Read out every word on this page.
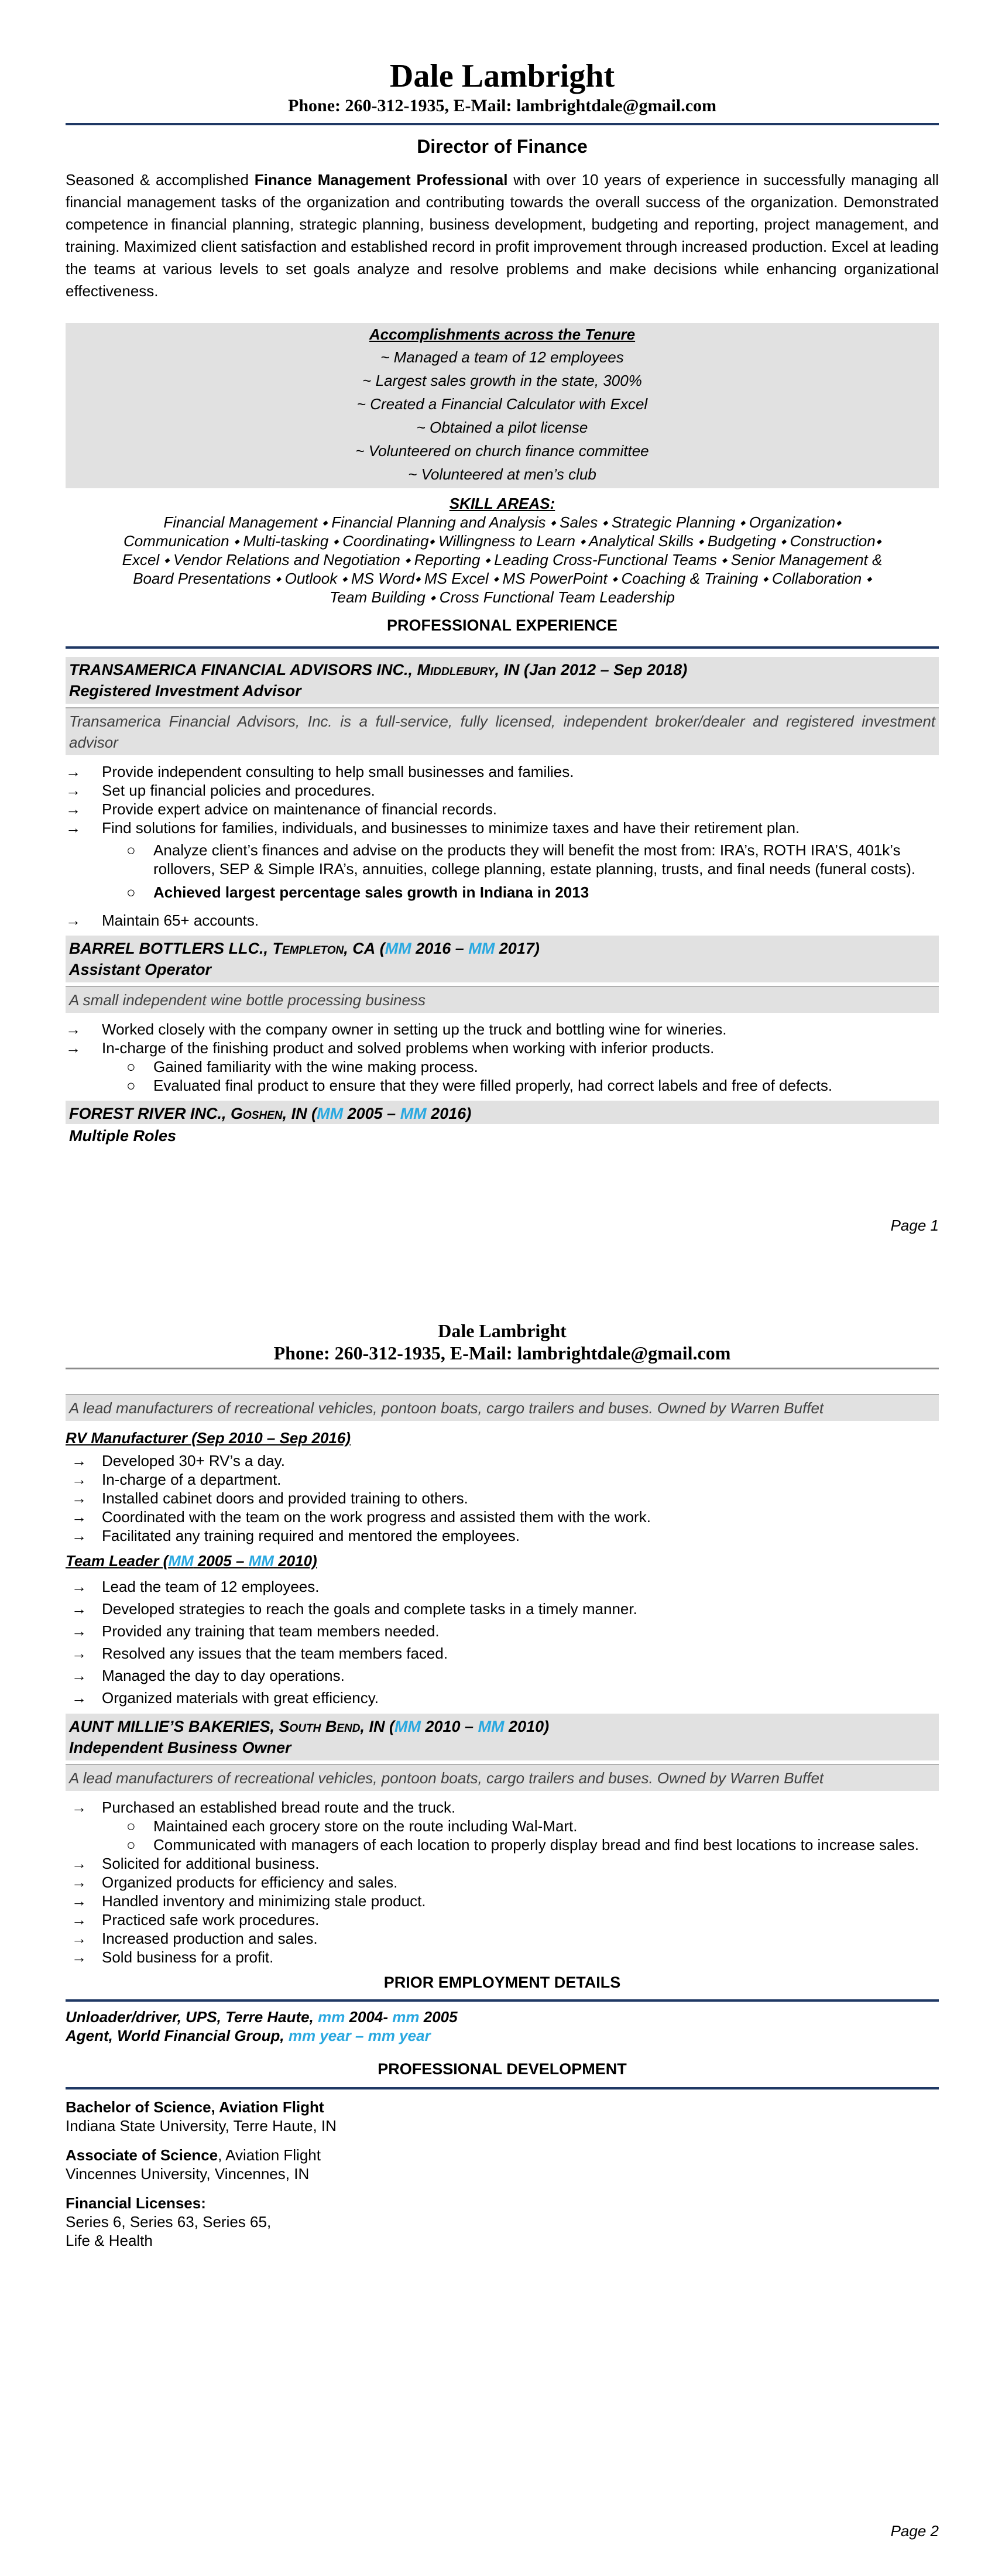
Dale Lambright
Phone: 260-312-1935, E-Mail: lambrightdale@gmail.com
Director of Finance
Seasoned & accomplished Finance Management Professional with over 10 years of experience in successfully managing all financial management tasks of the organization and contributing towards the overall success of the organization. Demonstrated competence in financial planning, strategic planning, business development, budgeting and reporting, project management, and training. Maximized client satisfaction and established record in profit improvement through increased production. Excel at leading the teams at various levels to set goals analyze and resolve problems and make decisions while enhancing organizational effectiveness.
Accomplishments across the Tenure
~ Managed a team of 12 employees
~ Largest sales growth in the state, 300%
~ Created a Financial Calculator with Excel
~ Obtained a pilot license
~ Volunteered on church finance committee
~ Volunteered at men’s club
SKILL AREAS:
Financial Management ⬩ Financial Planning and Analysis ⬩ Sales ⬩ Strategic Planning ⬩ Organization⬩
Communication ⬩ Multi-tasking ⬩ Coordinating⬩ Willingness to Learn ⬩ Analytical Skills ⬩ Budgeting ⬩ Construction⬩
Excel ⬩ Vendor Relations and Negotiation ⬩ Reporting ⬩ Leading Cross-Functional Teams ⬩ Senior Management &
Board Presentations ⬩ Outlook ⬩ MS Word⬩ MS Excel ⬩ MS PowerPoint ⬩ Coaching & Training ⬩ Collaboration ⬩
Team Building ⬩ Cross Functional Team Leadership
PROFESSIONAL EXPERIENCE
TRANSAMERICA FINANCIAL ADVISORS INC., Middlebury, IN (Jan 2012 – Sep 2018)
Registered Investment Advisor
Transamerica Financial Advisors, Inc. is a full-service, fully licensed, independent broker/dealer and registered investment advisor
→ Provide independent consulting to help small businesses and families.
→ Set up financial policies and procedures.
→ Provide expert advice on maintenance of financial records.
→ Find solutions for families, individuals, and businesses to minimize taxes and have their retirement plan.
○ Analyze client’s finances and advise on the products they will benefit the most from: IRA’s, ROTH IRA’S, 401k’s rollovers, SEP & Simple IRA’s, annuities, college planning, estate planning, trusts, and final needs (funeral costs).
○ Achieved largest percentage sales growth in Indiana in 2013
→ Maintain 65+ accounts.
BARREL BOTTLERS LLC., Templeton, CA (MM 2016 – MM 2017)
Assistant Operator
A small independent wine bottle processing business
→ Worked closely with the company owner in setting up the truck and bottling wine for wineries.
→ In-charge of the finishing product and solved problems when working with inferior products.
○ Gained familiarity with the wine making process.
○ Evaluated final product to ensure that they were filled properly, had correct labels and free of defects.
FOREST RIVER INC., Goshen, IN (MM 2005 – MM 2016)
Multiple Roles
Page 1
Dale Lambright
Phone: 260-312-1935, E-Mail: lambrightdale@gmail.com
A lead manufacturers of recreational vehicles, pontoon boats, cargo trailers and buses. Owned by Warren Buffet
RV Manufacturer (Sep 2010 – Sep 2016)
→ Developed 30+ RV’s a day.
→ In-charge of a department.
→ Installed cabinet doors and provided training to others.
→ Coordinated with the team on the work progress and assisted them with the work.
→ Facilitated any training required and mentored the employees.
Team Leader (MM 2005 – MM 2010)
→ Lead the team of 12 employees.
→ Developed strategies to reach the goals and complete tasks in a timely manner.
→ Provided any training that team members needed.
→ Resolved any issues that the team members faced.
→ Managed the day to day operations.
→ Organized materials with great efficiency.
AUNT MILLIE’S BAKERIES, South Bend, IN (MM 2010 – MM 2010)
Independent Business Owner
A lead manufacturers of recreational vehicles, pontoon boats, cargo trailers and buses. Owned by Warren Buffet
→ Purchased an established bread route and the truck.
○ Maintained each grocery store on the route including Wal-Mart.
○ Communicated with managers of each location to properly display bread and find best locations to increase sales.
→ Solicited for additional business.
→ Organized products for efficiency and sales.
→ Handled inventory and minimizing stale product.
→ Practiced safe work procedures.
→ Increased production and sales.
→ Sold business for a profit.
PRIOR EMPLOYMENT DETAILS
Unloader/driver, UPS, Terre Haute, mm 2004- mm 2005
Agent, World Financial Group, mm year – mm year
PROFESSIONAL DEVELOPMENT
Bachelor of Science, Aviation Flight
Indiana State University, Terre Haute, IN
Associate of Science, Aviation Flight
Vincennes University, Vincennes, IN
Financial Licenses:
Series 6, Series 63, Series 65,
Life & Health
Page 2
